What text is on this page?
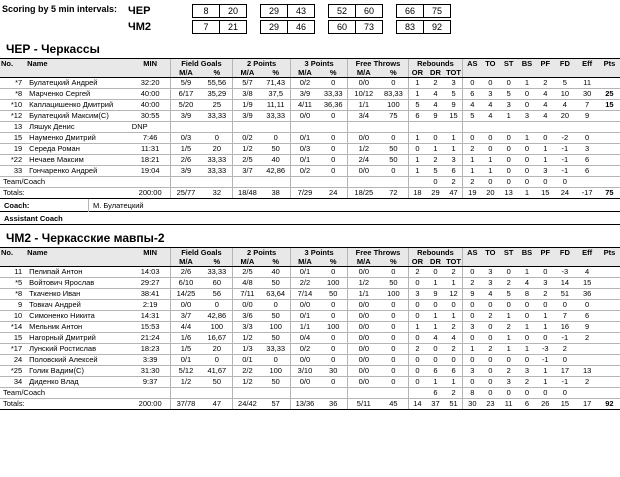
Scoring by 5 min intervals: ЧЕР	8	20	29	43	52	60	66	75
ЧМ2	7	21	29	46	60	73	83	92
ЧЕР - Черкассы
No.	Name	MIN	Field Goals		2 Points		3 Points		Free Throws		Rebounds			AS	TO	ST	BS	PF	FD	Eff	Pts
			M/A	%	M/A	%	M/A	%	M/A	%	OR	DR	TOT								
*7	Булатецкий Андрей	32:20	5/9	55,56	5/7	71,43	0/2	0	0/0	0	1	2	3	0	0	0	1	2	5	11	
*8	Марченко Сергей	40:00	6/17	35,29	3/8	37,5	3/9	33,33	10/12	83,33	1	4	5	6	3	5	0	4	10	30	25
*10	Каплацишенко Дмитрий	40:00	5/20	25	1/9	11,11	4/11	36,36	1/1	100	5	4	9	4	4	3	0	4	4	7	15
*12	Булатецкий Максим(С)	30:55	3/9	33,33	3/9	33,33	0/0	0	3/4	75	6	9	15	5	4	1	3	4	20	9	
13	Ляшук Денис	DNP																			
15	Науменко Дмитрий	7:46	0/3	0	0/2	0	0/1	0	0/0	0	1	0	1	0	0	0	1	0	-2	0	
19	Середа Роман	11:31	1/5	20	1/2	50	0/3	0	1/2	50	0	1	1	2	0	0	0	1	-1	3	
*22	Нечаев Максим	18:21	2/6	33,33	2/5	40	0/1	0	2/4	50	1	2	3	1	1	0	0	1	-1	6	
33	Гончаренко Андрей	19:04	3/9	33,33	3/7	42,86	0/2	0	0/0	0	1	5	6	1	1	0	0	3	-1	6	
Team/Coach												0	2	2	0	0	0	0	0		
Totals:		200:00	25/77	32	18/48	38	7/29	24	18/25	72	18	29	47	19	20	13	1	15	24	-17	75
Coach:	М. Булатецкий
Assistant Coach
ЧМ2 - Черкасские мавпы-2
No.	Name	MIN	Field Goals		2 Points		3 Points		Free Throws		Rebounds			AS	TO	ST	BS	PF	FD	Eff	Pts
			M/A	%	M/A	%	M/A	%	M/A	%	OR	DR	TOT								
11	Пелипай Антон	14:03	2/6	33,33	2/5	40	0/1	0	0/0	0	2	0	2	0	3	0	1	0	-3	4	
*5	Войтович Ярослав	29:27	6/10	60	4/8	50	2/2	100	1/2	50	0	1	1	2	3	2	4	3	14	15	
*8	Ткаченко Иван	38:41	14/25	56	7/11	63,64	7/14	50	1/1	100	3	9	12	9	4	5	8	2	51	36	
9	Товкач Андрей	2:19	0/0	0	0/0	0	0/0	0	0/0	0	0	0	0	0	0	0	0	0	0	0	
10	Симоненко Никита	14:31	3/7	42,86	3/6	50	0/1	0	0/0	0	0	1	1	0	2	1	0	1	7	6	
*14	Мельник Антон	15:53	4/4	100	3/3	100	1/1	100	0/0	0	1	1	2	3	0	2	1	1	16	9	
15	Нагорный Дмитрий	21:24	1/6	16,67	1/2	50	0/4	0	0/0	0	0	4	4	0	0	1	0	0	-1	2	
*17	Лунский Ростислав	18:23	1/5	20	1/3	33,33	0/2	0	0/0	0	2	0	2	1	2	1	1	-3	2		
24	Половский Алексей	3:39	0/1	0	0/1	0	0/0	0	0/0	0	0	0	0	0	0	0	0	-1	0		
*25	Голик Вадим(С)	31:30	5/12	41,67	2/2	100	3/10	30	0/0	0	0	6	6	3	0	2	3	1	17	13	
34	Диденко Влад	9:37	1/2	50	1/2	50	0/0	0	0/0	0	0	1	1	0	0	3	2	1	-1	2	
Team/Coach												6	2	8	0	0	0	0	0		
Totals:		200:00	37/78	47	24/42	57	13/36	36	5/11	45	14	37	51	30	23	11	6	26	15	17	92
